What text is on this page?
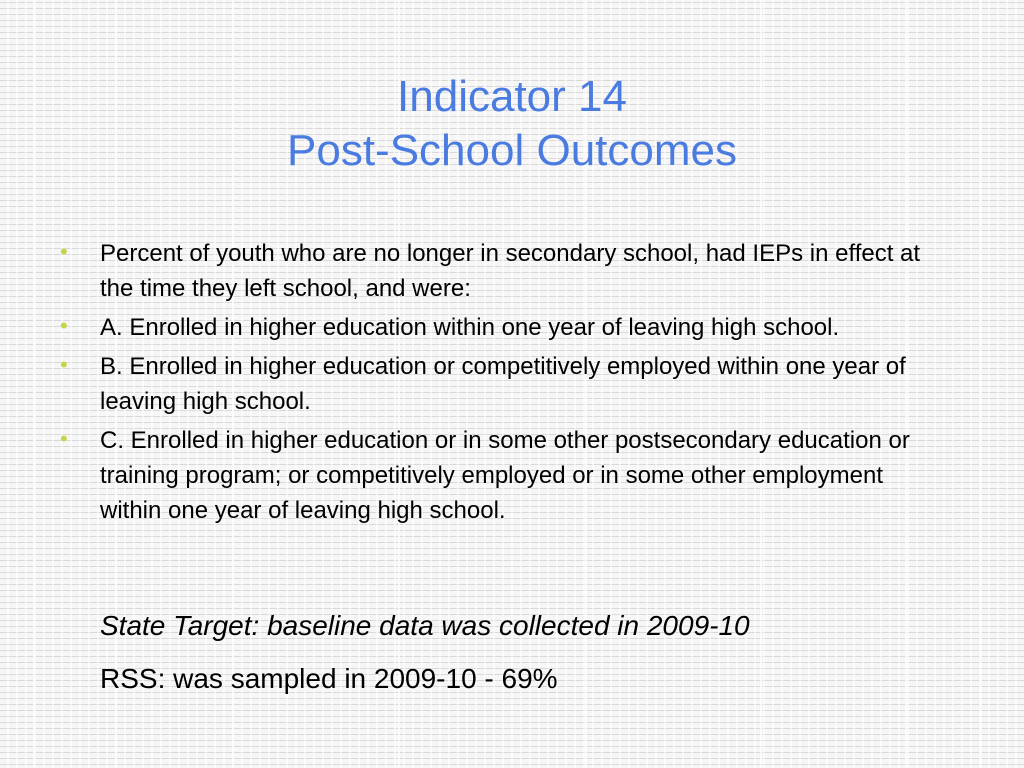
Indicator 14
Post-School Outcomes
• Percent of youth who are no longer in secondary school, had IEPs in effect at the time they left school, and were:
• A. Enrolled in higher education within one year of leaving high school.
• B. Enrolled in higher education or competitively employed within one year of leaving high school.
• C. Enrolled in higher education or in some other postsecondary education or training program; or competitively employed or in some other employment within one year of leaving high school.
State Target: baseline data was collected in 2009-10
RSS: was sampled in 2009-10 - 69%
